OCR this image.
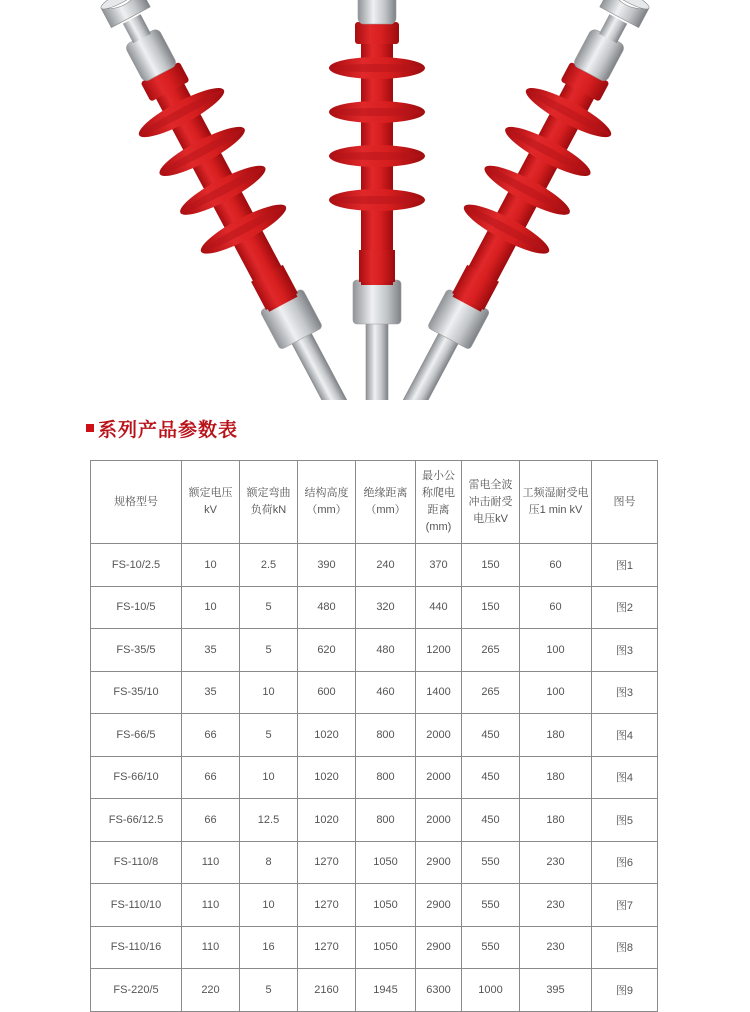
系列产品参数表
规格型号	额定电压kV	额定弯曲负荷kN	结构高度（mm）	绝缘距离（mm）	最小公称爬电距离(mm)	雷电全波冲击耐受电压kV	工频湿耐受电压1 min kV	图号
FS-10/2.5	10	2.5	390	240	370	150	60	图1
FS-10/5	10	5	480	320	440	150	60	图2
FS-35/5	35	5	620	480	1200	265	100	图3
FS-35/10	35	10	600	460	1400	265	100	图3
FS-66/5	66	5	1020	800	2000	450	180	图4
FS-66/10	66	10	1020	800	2000	450	180	图4
FS-66/12.5	66	12.5	1020	800	2000	450	180	图5
FS-110/8	110	8	1270	1050	2900	550	230	图6
FS-110/10	110	10	1270	1050	2900	550	230	图7
FS-110/16	110	16	1270	1050	2900	550	230	图8
FS-220/5	220	5	2160	1945	6300	1000	395	图9
